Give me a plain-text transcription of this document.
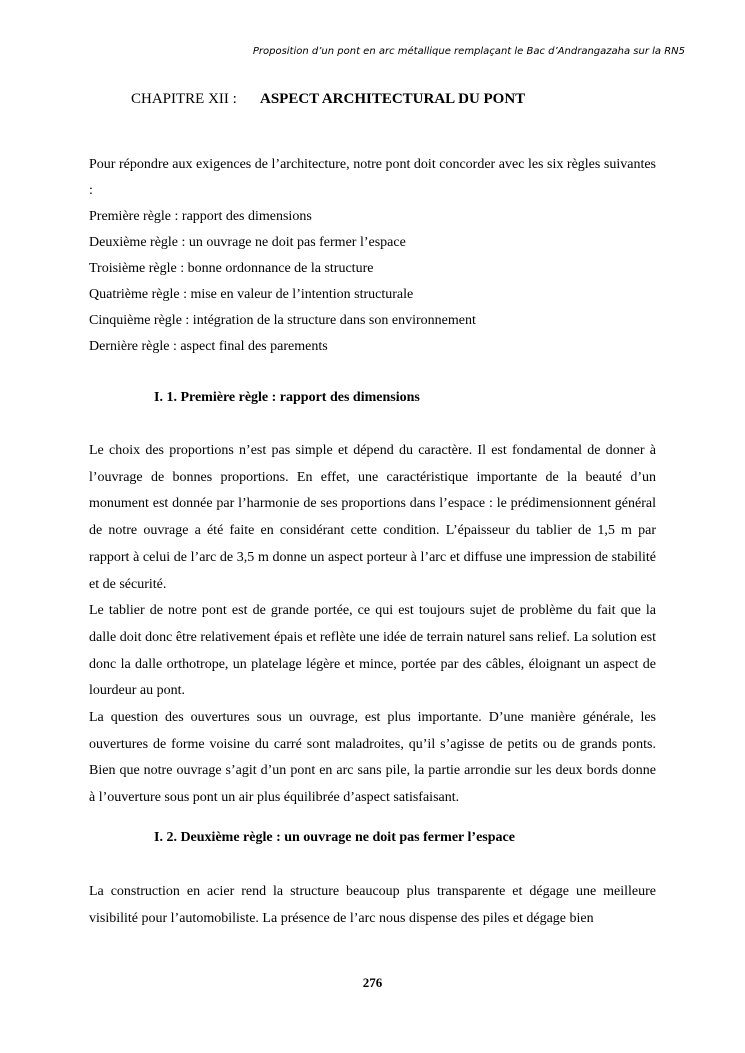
Proposition d’un pont en arc métallique remplaçant le Bac d’Andrangazaha sur la RN5
CHAPITRE XII : ASPECT ARCHITECTURAL DU PONT

Pour répondre aux exigences de l’architecture, notre pont doit concorder avec les six règles suivantes :

Première règle : rapport des dimensions

Deuxième règle : un ouvrage ne doit pas fermer l’espace

Troisième règle : bonne ordonnance de la structure

Quatrième règle : mise en valeur de l’intention structurale

Cinquième règle : intégration de la structure dans son environnement

Dernière règle : aspect final des parements

I. 1. Première règle : rapport des dimensions

Le choix des proportions n’est pas simple et dépend du caractère. Il est fondamental de donner à l’ouvrage de bonnes proportions. En effet, une caractéristique importante de la beauté d’un monument est donnée par l’harmonie de ses proportions dans l’espace : le prédimensionnent général de notre ouvrage a été faite en considérant cette condition. L’épaisseur du tablier de 1,5 m par rapport à celui de l’arc de 3,5 m donne un aspect porteur à l’arc et diffuse une impression de stabilité et de sécurité.

Le tablier de notre pont est de grande portée, ce qui est toujours sujet de problème du fait que la dalle doit donc être relativement épais et reflète une idée de terrain naturel sans relief. La solution est donc la dalle orthotrope, un platelage légère et mince, portée par des câbles, éloignant un aspect de lourdeur au pont.

La question des ouvertures sous un ouvrage, est plus importante. D’une manière générale, les ouvertures de forme voisine du carré sont maladroites, qu’il s’agisse de petits ou de grands ponts. Bien que notre ouvrage s’agit d’un pont en arc sans pile, la partie arrondie sur les deux bords donne à l’ouverture sous pont un air plus équilibrée d’aspect satisfaisant.

I. 2. Deuxième règle : un ouvrage ne doit pas fermer l’espace

La construction en acier rend la structure beaucoup plus transparente et dégage une meilleure visibilité pour l’automobiliste. La présence de l’arc nous dispense des piles et dégage bien

276
